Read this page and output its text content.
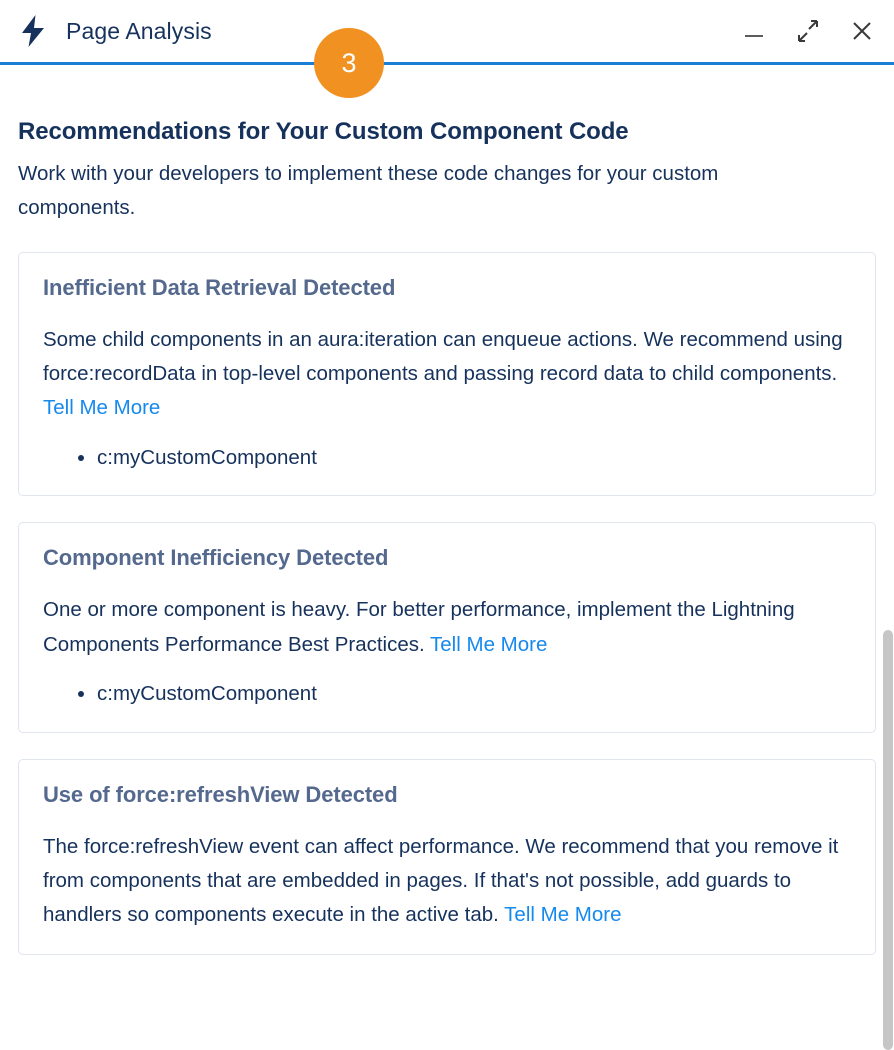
Page Analysis
3
Recommendations for Your Custom Component Code
Work with your developers to implement these code changes for your custom components.
Inefficient Data Retrieval Detected
Some child components in an aura:iteration can enqueue actions. We recommend using force:recordData in top-level components and passing record data to child components. Tell Me More
• c:myCustomComponent
Component Inefficiency Detected
One or more component is heavy. For better performance, implement the Lightning Components Performance Best Practices. Tell Me More
• c:myCustomComponent
Use of force:refreshView Detected
The force:refreshView event can affect performance. We recommend that you remove it from components that are embedded in pages. If that's not possible, add guards to handlers so components execute in the active tab. Tell Me More
